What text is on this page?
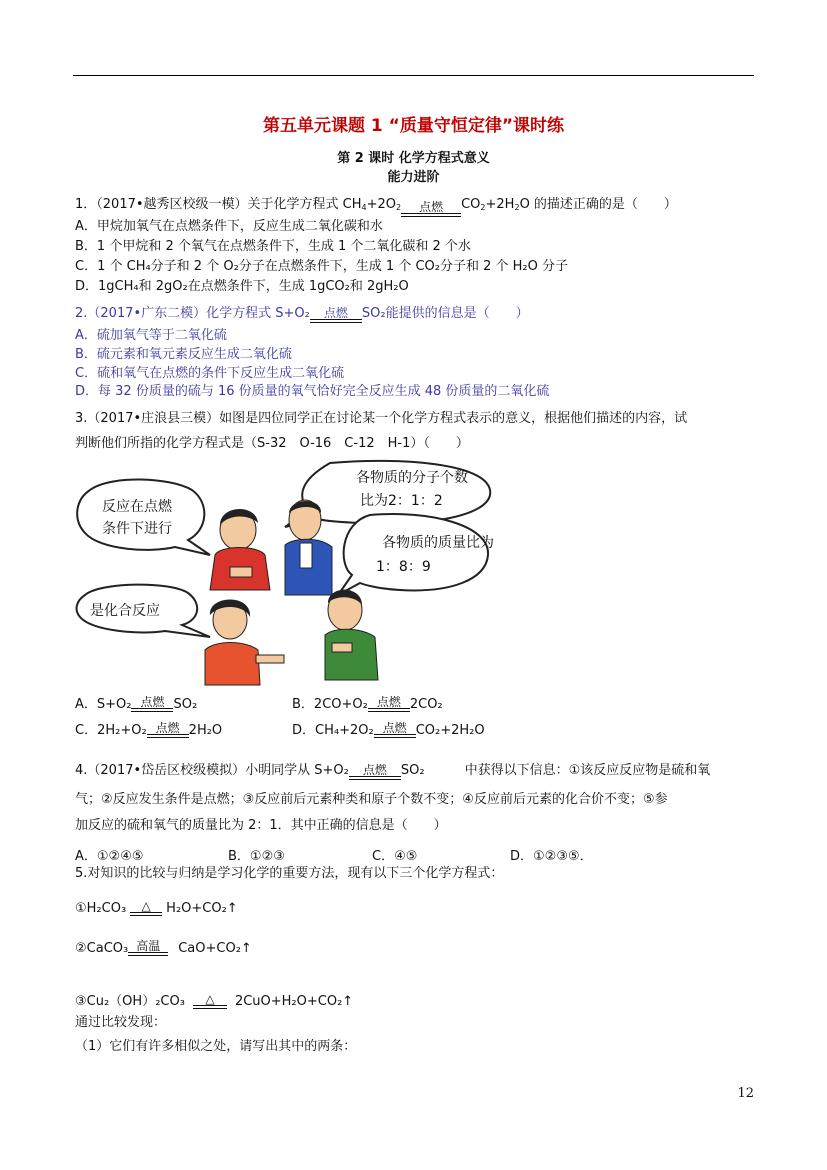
第五单元课题 1 “质量守恒定律”课时练
第 2 课时 化学方程式意义
能力进阶
1．（2017•越秀区校级一模）关于化学方程式 $CH_4+2O_2$	点燃	$CO_2+2H_2O$ 的描述正确的是（　　）
A．甲烷加氧气在点燃条件下，反应生成二氧化碳和水
B．1 个甲烷和 2 个氧气在点燃条件下，生成 1 个二氧化碳和 2 个水
C．1 个 CH₄分子和 2 个 O₂分子在点燃条件下，生成 1 个 CO₂分子和 2 个 H₂O 分子
D．1gCH₄和 2gO₂在点燃条件下，生成 1gCO₂和 2gH₂O
2.（2017•广东二模）化学方程式 S+O₂	点燃	SO₂能提供的信息是（　　）
A．硫加氧气等于二氧化硫
B．硫元素和氧元素反应生成二氧化硫
C．硫和氧气在点燃的条件下反应生成二氧化硫
D．每 32 份质量的硫与 16 份质量的氧气恰好完全反应生成 48 份质量的二氧化硫
3.（2017•庄浪县三模）如图是四位同学正在讨论某一个化学方程式表示的意义，根据他们描述的内容，试
判断他们所指的化学方程式是（S-32　O-16　C-12　H-1）（　　）
各物质的分子个数
比为2：1：2
反应在点燃
条件下进行
各物质的质量比为
1：8：9
是化合反应
A．S+O₂ 点燃 SO₂	B．2CO+O₂ 点燃 2CO₂
C．2H₂+O₂ 点燃 2H₂O	D．CH₄+2O₂ 点燃 CO₂+2H₂O
4.（2017•岱岳区校级模拟）小明同学从 S+O₂	点燃	SO₂	中获得以下信息：①该反应反应物是硫和氧
气；②反应发生条件是点燃；③反应前后元素种类和原子个数不变；④反应前后元素的化合价不变；⑤参
加反应的硫和氧气的质量比为 2：1．其中正确的信息是（　　）
A．①②④⑤	B．①②③	C．④⑤	D．①②③⑤．
5.对知识的比较与归纳是学习化学的重要方法，现有以下三个化学方程式：
①H₂CO₃	△	H₂O+CO₂↑
②CaCO₃ 高温	CaO+CO₂↑
③Cu₂（OH）₂CO₃	△	2CuO+H₂O+CO₂↑
通过比较发现：
（1）它们有许多相似之处，请写出其中的两条：
12
